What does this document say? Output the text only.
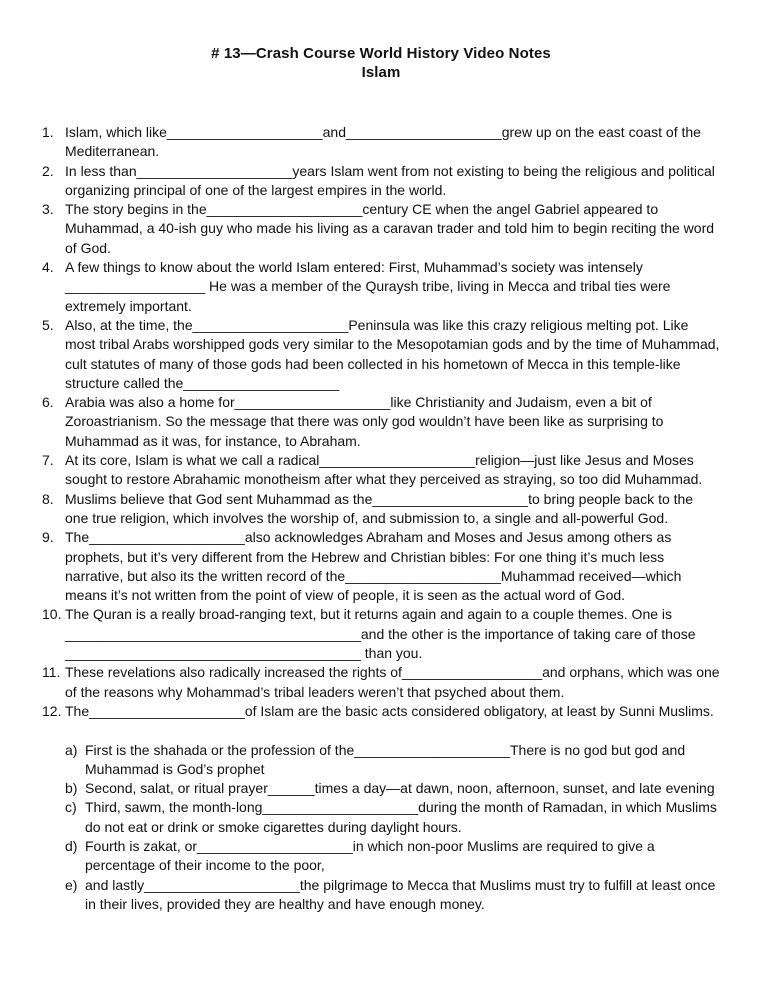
# 13—Crash Course World History Video Notes
Islam
1. Islam, which like____________________and____________________grew up on the east coast of the Mediterranean.
2. In less than____________________years Islam went from not existing to being the religious and political organizing principal of one of the largest empires in the world.
3. The story begins in the____________________century CE when the angel Gabriel appeared to Muhammad, a 40-ish guy who made his living as a caravan trader and told him to begin reciting the word of God.
4. A few things to know about the world Islam entered: First, Muhammad’s society was intensely __________________ He was a member of the Quraysh tribe, living in Mecca and tribal ties were extremely important.
5. Also, at the time, the____________________Peninsula was like this crazy religious melting pot. Like most tribal Arabs worshipped gods very similar to the Mesopotamian gods and by the time of Muhammad, cult statutes of many of those gods had been collected in his hometown of Mecca in this temple-like structure called the____________________
6. Arabia was also a home for____________________like Christianity and Judaism, even a bit of Zoroastrianism. So the message that there was only god wouldn’t have been like as surprising to Muhammad as it was, for instance, to Abraham.
7. At its core, Islam is what we call a radical____________________religion—just like Jesus and Moses sought to restore Abrahamic monotheism after what they perceived as straying, so too did Muhammad.
8. Muslims believe that God sent Muhammad as the____________________to bring people back to the one true religion, which involves the worship of, and submission to, a single and all-powerful God.
9. The____________________also acknowledges Abraham and Moses and Jesus among others as prophets, but it’s very different from the Hebrew and Christian bibles: For one thing it’s much less narrative, but also its the written record of the____________________Muhammad received—which means it’s not written from the point of view of people, it is seen as the actual word of God.
10. The Quran is a really broad-ranging text, but it returns again and again to a couple themes. One is ______________________________________and the other is the importance of taking care of those ______________________________________ than you.
11. These revelations also radically increased the rights of__________________and orphans, which was one of the reasons why Mohammad’s tribal leaders weren’t that psyched about them.
12. The____________________of Islam are the basic acts considered obligatory, at least by Sunni Muslims.
a) First is the shahada or the profession of the____________________There is no god but god and Muhammad is God’s prophet
b) Second, salat, or ritual prayer______times a day—at dawn, noon, afternoon, sunset, and late evening
c) Third, sawm, the month-long____________________during the month of Ramadan, in which Muslims do not eat or drink or smoke cigarettes during daylight hours.
d) Fourth is zakat, or____________________in which non-poor Muslims are required to give a percentage of their income to the poor,
e) and lastly____________________the pilgrimage to Mecca that Muslims must try to fulfill at least once in their lives, provided they are healthy and have enough money.
